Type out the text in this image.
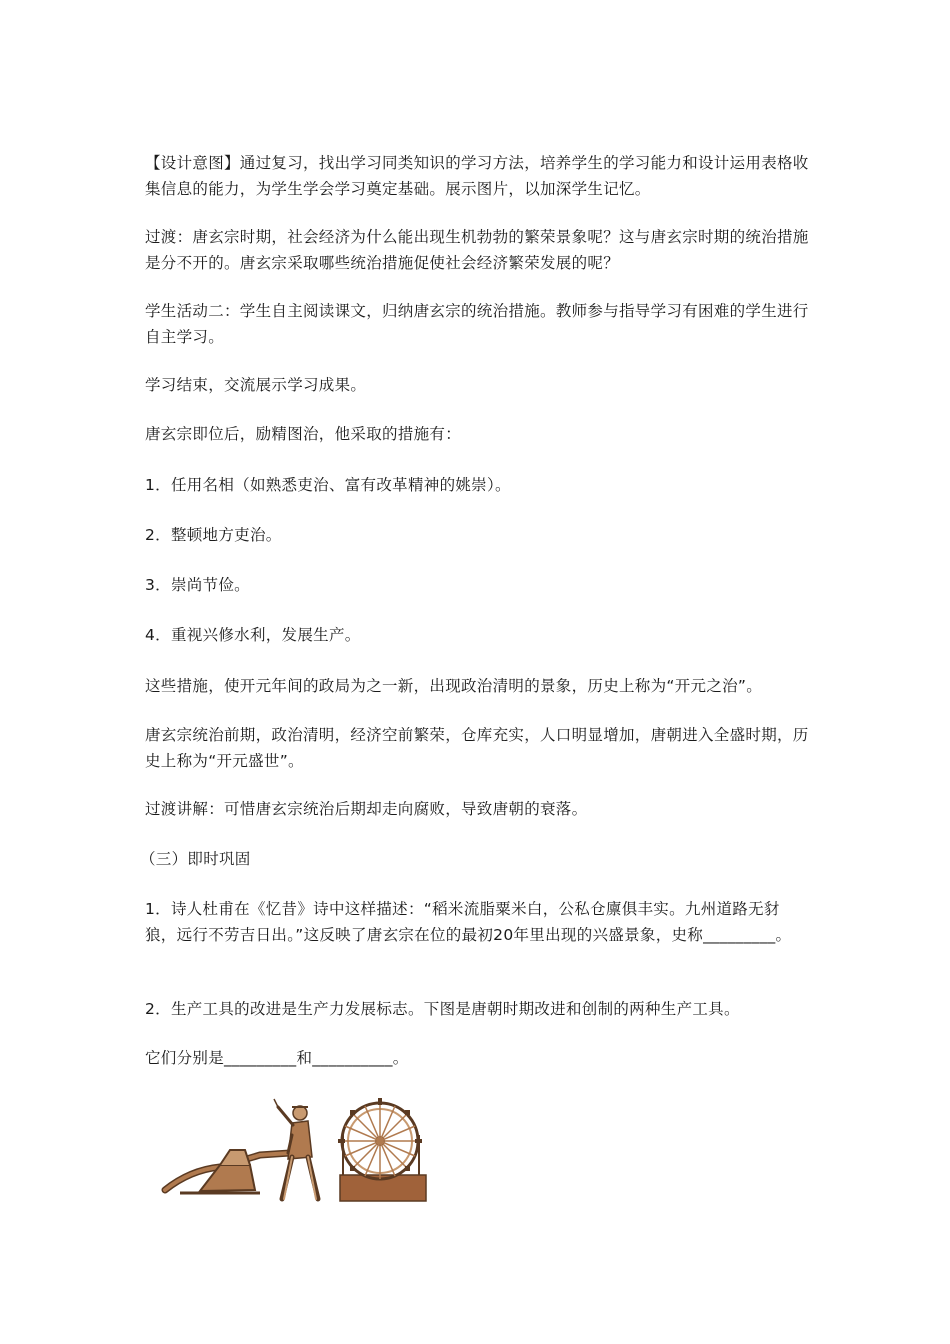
【设计意图】通过复习，找出学习同类知识的学习方法，培养学生的学习能力和设计运用表格收集信息的能力，为学生学会学习奠定基础。展示图片，以加深学生记忆。

过渡：唐玄宗时期，社会经济为什么能出现生机勃勃的繁荣景象呢？这与唐玄宗时期的统治措施是分不开的。唐玄宗采取哪些统治措施促使社会经济繁荣发展的呢？

学生活动二：学生自主阅读课文，归纳唐玄宗的统治措施。教师参与指导学习有困难的学生进行自主学习。

学习结束，交流展示学习成果。

唐玄宗即位后，励精图治，他采取的措施有：

1．任用名相（如熟悉吏治、富有改革精神的姚崇）。

2．整顿地方吏治。

3．崇尚节俭。

4．重视兴修水利，发展生产。

这些措施，使开元年间的政局为之一新，出现政治清明的景象，历史上称为“开元之治”。

唐玄宗统治前期，政治清明，经济空前繁荣，仓库充实，人口明显增加，唐朝进入全盛时期，历史上称为“开元盛世”。

过渡讲解：可惜唐玄宗统治后期却走向腐败，导致唐朝的衰落。

（三）即时巩固

1．诗人杜甫在《忆昔》诗中这样描述：“稻米流脂粟米白，公私仓廪俱丰实。九州道路无豺狼，远行不劳吉日出。”这反映了唐玄宗在位的最初20年里出现的兴盛景象，史称_________。

2．生产工具的改进是生产力发展标志。下图是唐朝时期改进和创制的两种生产工具。

它们分别是_________和__________。
